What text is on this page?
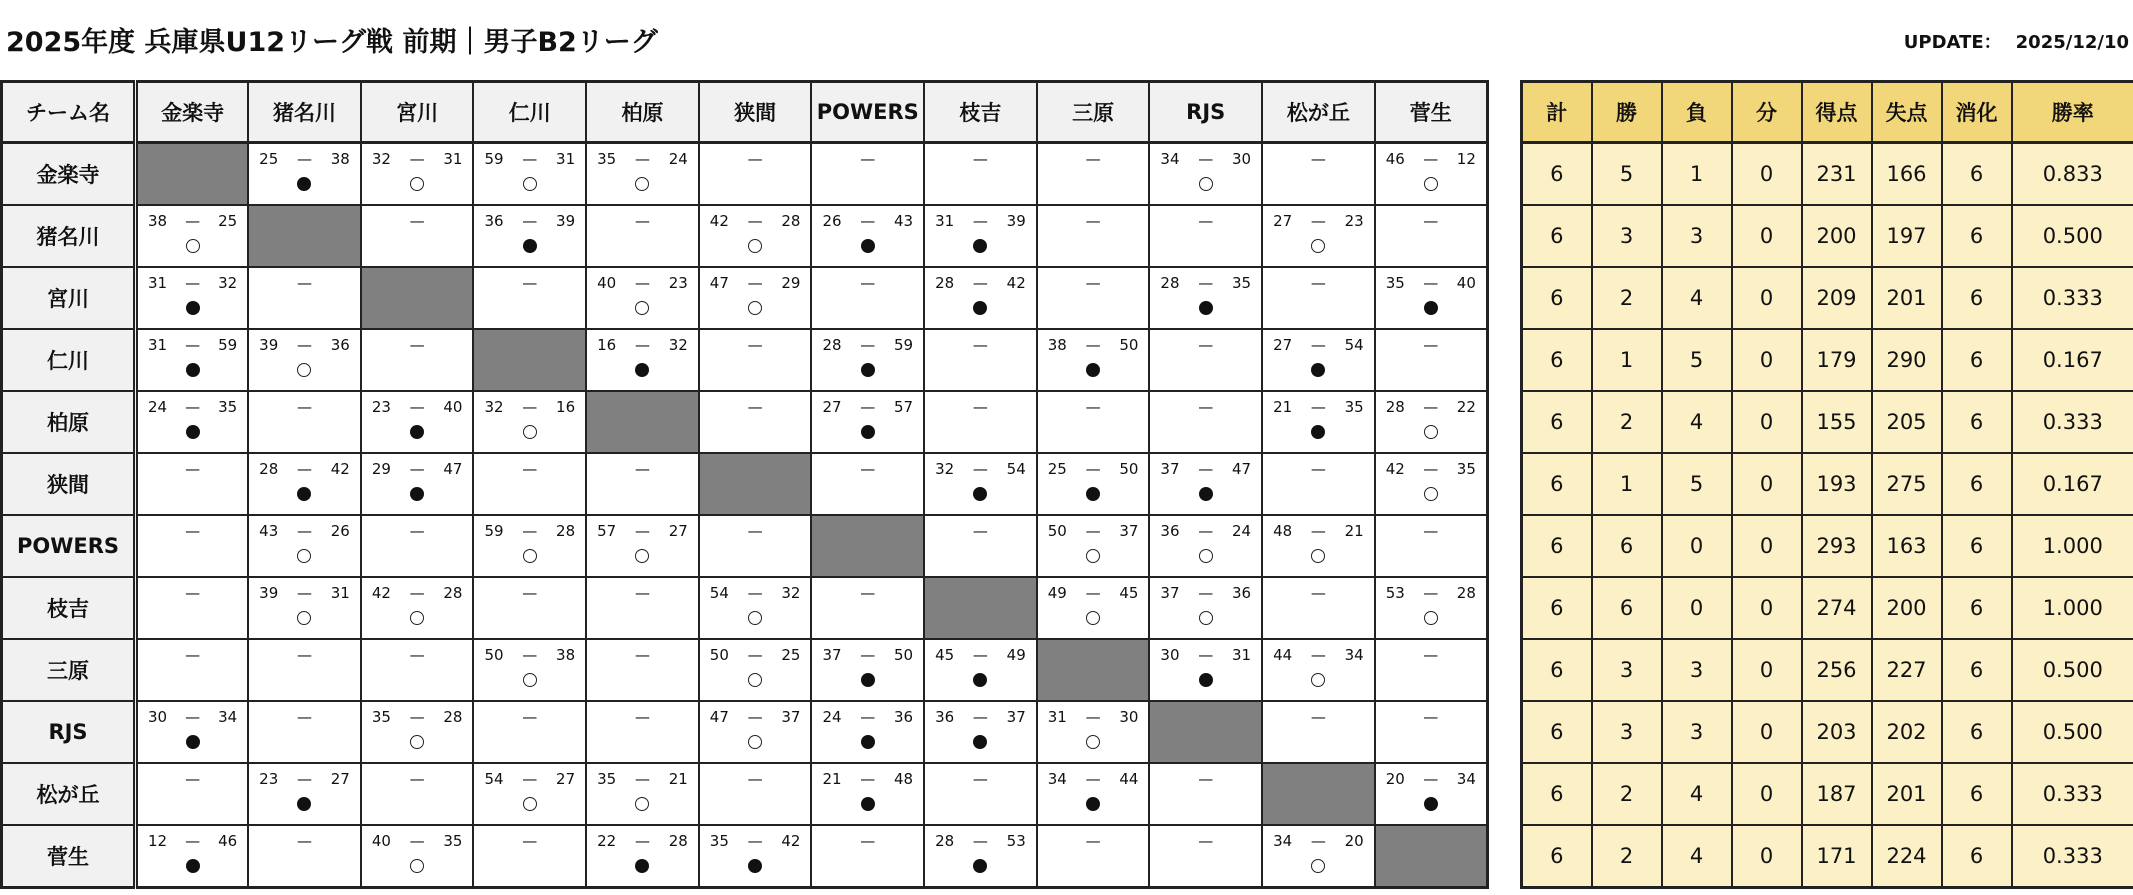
2025年度 兵庫県U12リーグ戦 前期｜男子B2リーグ	UPDATE： 2025/12/10
チーム名	金楽寺	猪名川	宮川	仁川	柏原	狭間	POWERS	枝吉	三原	RJS	松が丘	菅生
金楽寺		25 — 38	32 — 31	59 — 31	35 — 24	—	—	—	—	34 — 30	—	46 — 12

猪名川	38 — 25		—	36 — 39	—	42 — 28	26 — 43	31 — 39	—	—	27 — 23	—

宮川	31 — 32	—		—	40 — 23	47 — 29	—	28 — 42	—	28 — 35	—	35 — 40

仁川	31 — 59	39 — 36	—		16 — 32	—	28 — 59	—	38 — 50	—	27 — 54	—

柏原	24 — 35	—	23 — 40	32 — 16		—	27 — 57	—	—	—	21 — 35	28 — 22

狭間	—	28 — 42	29 — 47	—	—		—	32 — 54	25 — 50	37 — 47	—	42 — 35

POWERS	—	43 — 26	—	59 — 28	57 — 27	—		—	50 — 37	36 — 24	48 — 21	—

枝吉	—	39 — 31	42 — 28	—	—	54 — 32	—		49 — 45	37 — 36	—	53 — 28

三原	—	—	—	50 — 38	—	50 — 25	37 — 50	45 — 49		30 — 31	44 — 34	—

RJS	30 — 34	—	35 — 28	—	—	47 — 37	24 — 36	36 — 37	31 — 30		—	—

松が丘	—	23 — 27	—	54 — 27	35 — 21	—	21 — 48	—	34 — 44	—		20 — 34

菅生	12 — 46	—	40 — 35	—	22 — 28	35 — 42	—	28 — 53	—	—	34 — 20	

計	勝	負	分	得点	失点	消化	勝率
6	5	1	0	231	166	6	0.833
6	3	3	0	200	197	6	0.500
6	2	4	0	209	201	6	0.333
6	1	5	0	179	290	6	0.167
6	2	4	0	155	205	6	0.333
6	1	5	0	193	275	6	0.167
6	6	0	0	293	163	6	1.000
6	6	0	0	274	200	6	1.000
6	3	3	0	256	227	6	0.500
6	3	3	0	203	202	6	0.500
6	2	4	0	187	201	6	0.333
6	2	4	0	171	224	6	0.333
